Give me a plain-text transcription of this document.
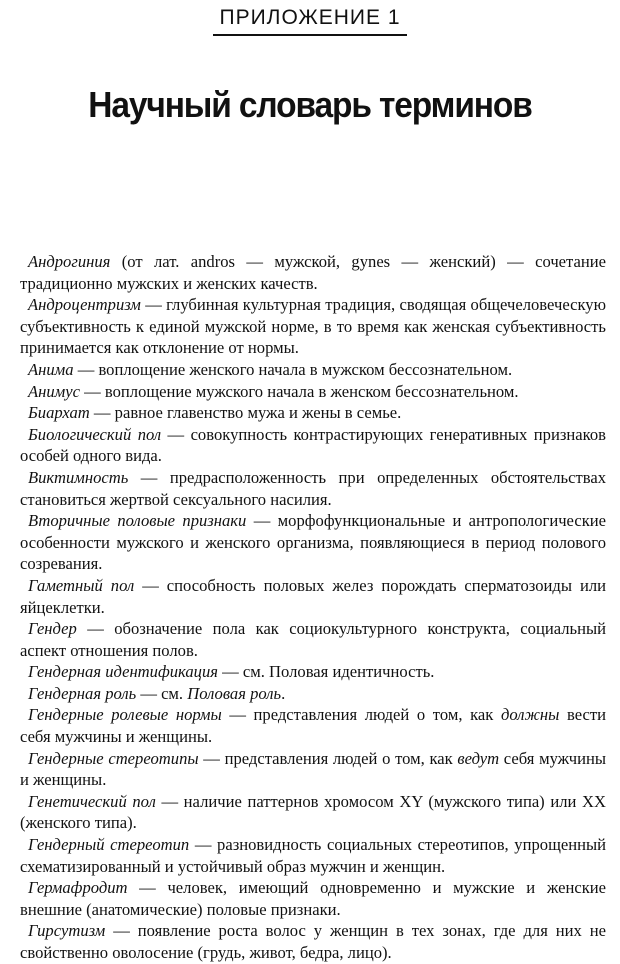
ПРИЛОЖЕНИЕ 1
Научный словарь терминов

Андрогиния (от лат. andros — мужской, gynes — женский) — сочетание традиционно мужских и женских качеств.

Андроцентризм — глубинная культурная традиция, сводящая общечеловеческую субъективность к единой мужской норме, в то время как женская субъективность принимается как отклонение от нормы.

Анима — воплощение женского начала в мужском бессознательном.

Анимус — воплощение мужского начала в женском бессознательном.

Биархат — равное главенство мужа и жены в семье.

Биологический пол — совокупность контрастирующих генеративных признаков особей одного вида.

Виктимность — предрасположенность при определенных обстоятельствах становиться жертвой сексуального насилия.

Вторичные половые признаки — морфофункциональные и антропологические особенности мужского и женского организма, появляющиеся в период полового созревания.

Гаметный пол — способность половых желез порождать сперматозоиды или яйцеклетки.

Гендер — обозначение пола как социокультурного конструкта, социальный аспект отношения полов.

Гендерная идентификация — см. Половая идентичность.

Гендерная роль — см. Половая роль.

Гендерные ролевые нормы — представления людей о том, как должны вести себя мужчины и женщины.

Гендерные стереотипы — представления людей о том, как ведут себя мужчины и женщины.

Генетический пол — наличие паттернов хромосом XY (мужского типа) или XX (женского типа).

Гендерный стереотип — разновидность социальных стереотипов, упрощенный схематизированный и устойчивый образ мужчин и женщин.

Гермафродит — человек, имеющий одновременно и мужские и женские внешние (анатомические) половые признаки.

Гирсутизм — появление роста волос у женщин в тех зонах, где для них не свойственно оволосение (грудь, живот, бедра, лицо).
